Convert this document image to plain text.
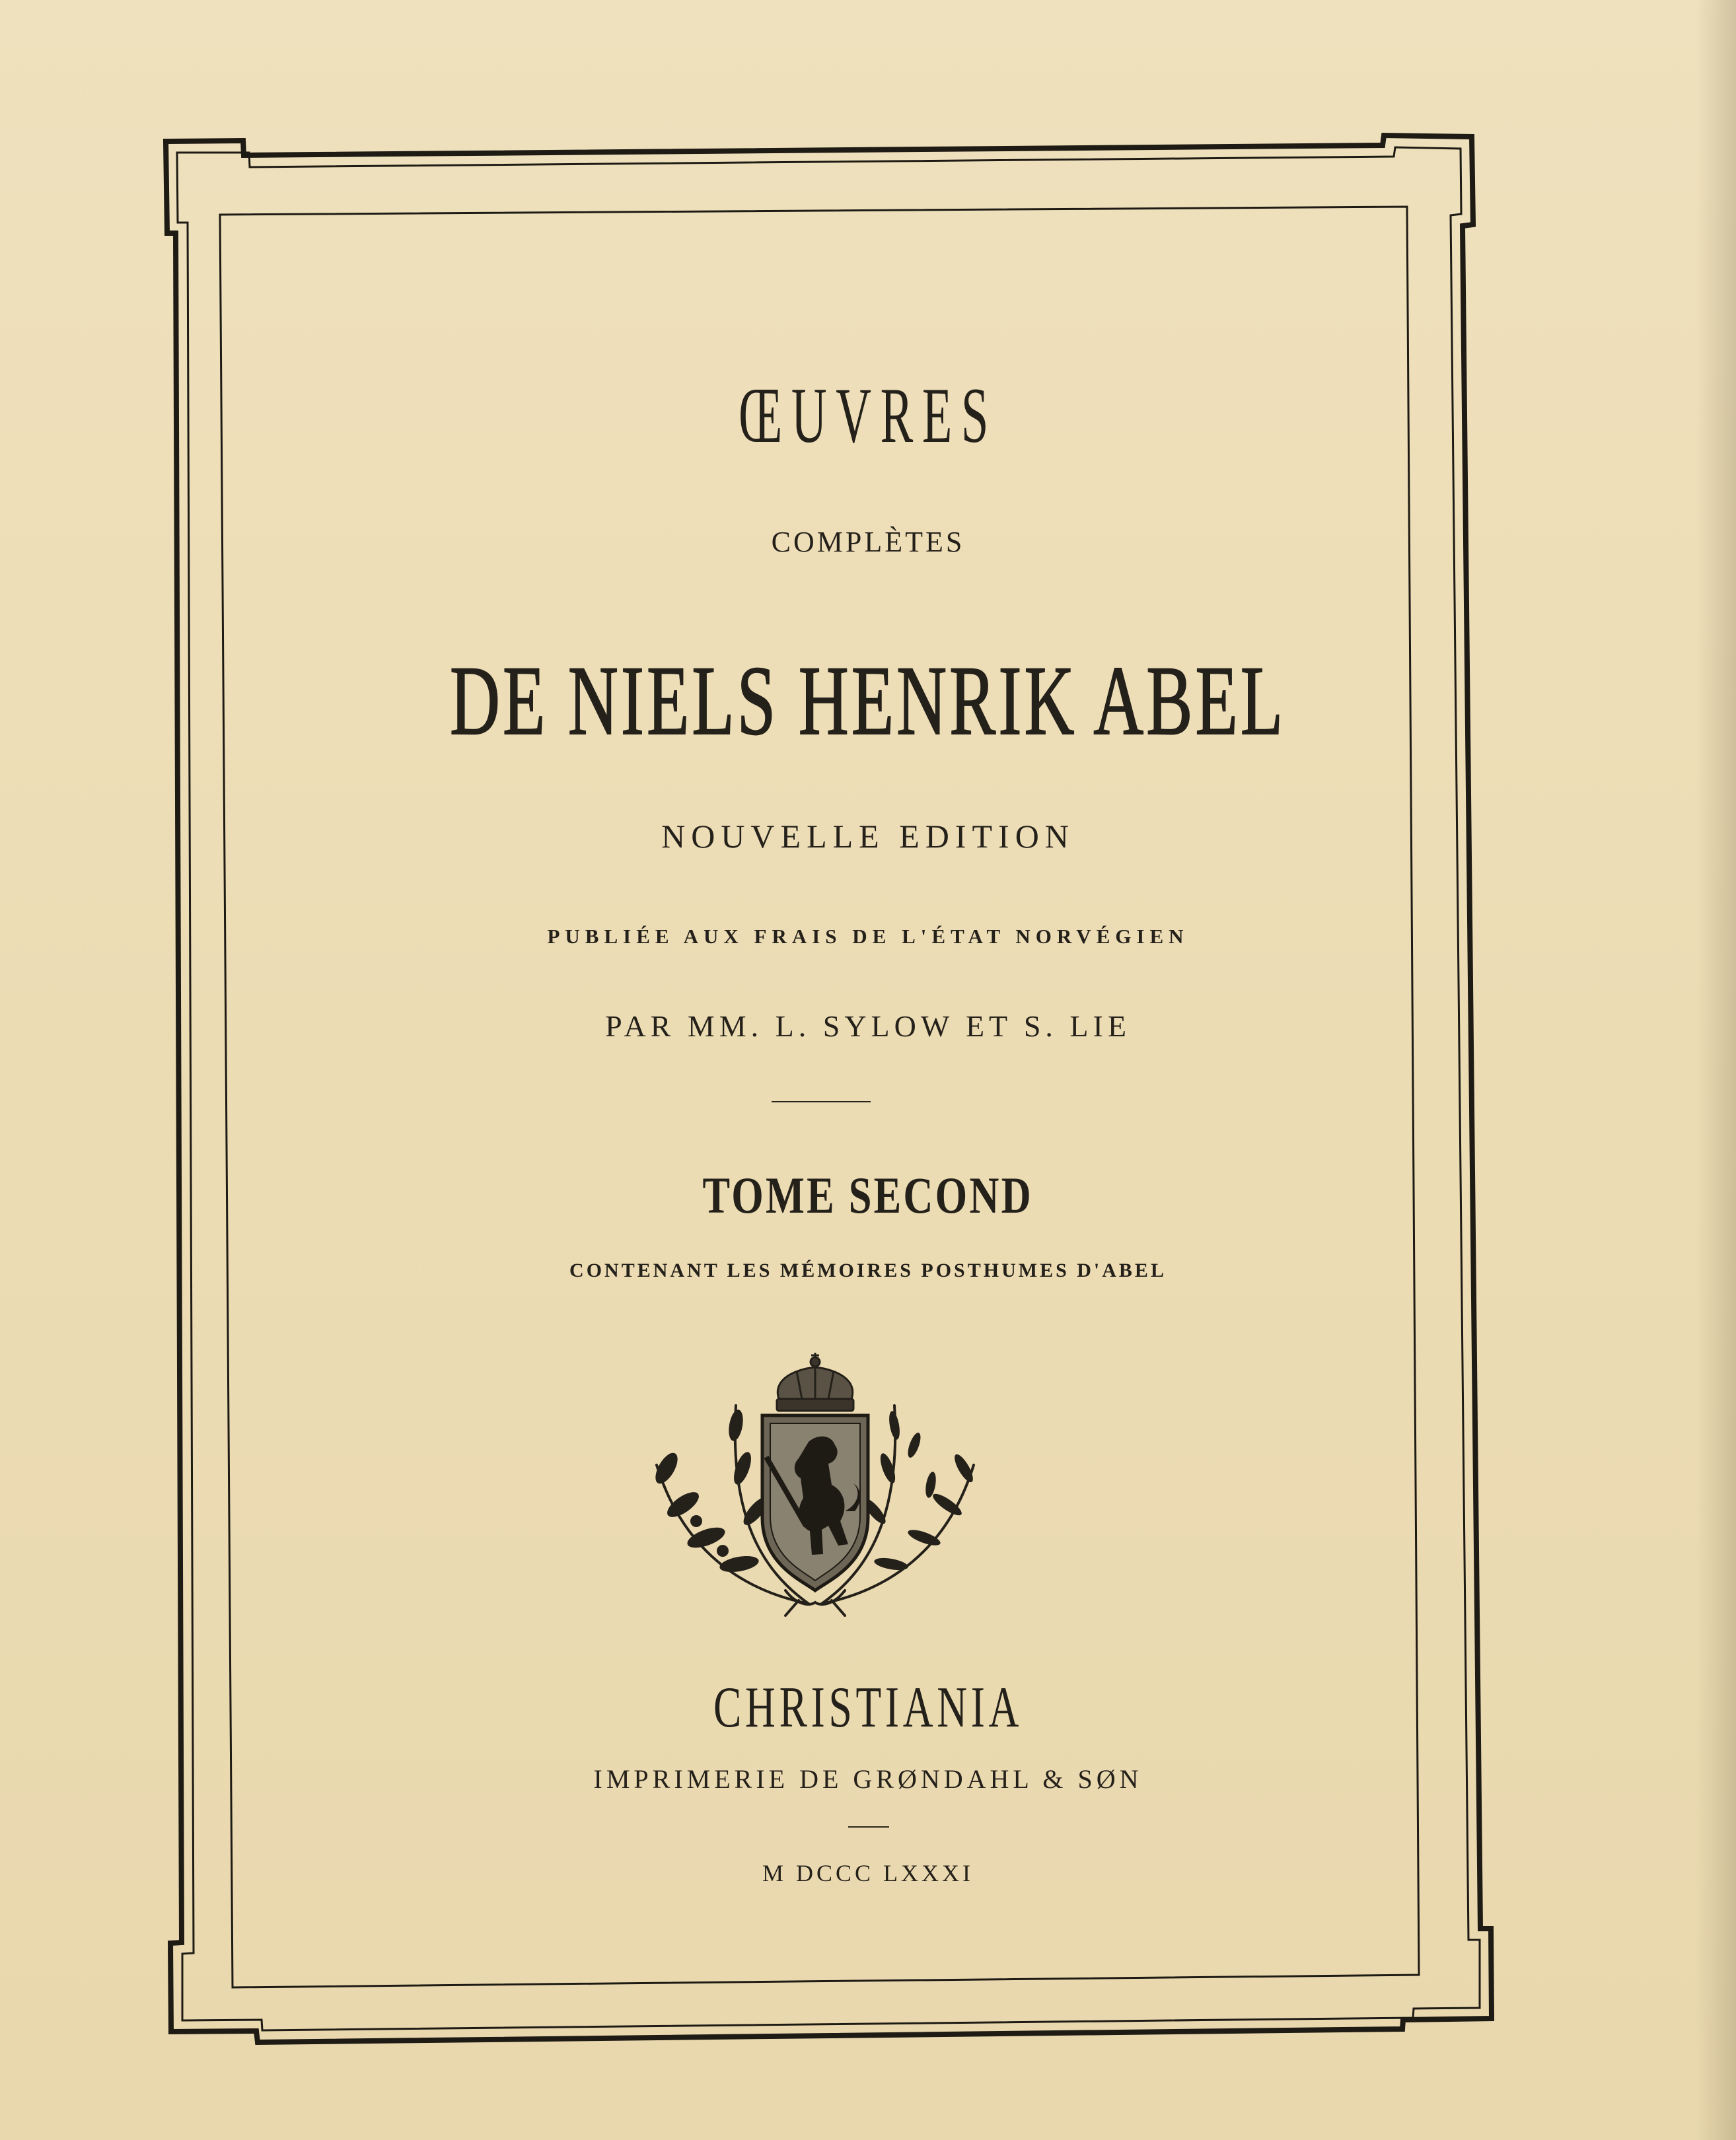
ŒUVRES

COMPLÈTES

DE NIELS HENRIK ABEL

NOUVELLE EDITION

PUBLIÉE AUX FRAIS DE L'ÉTAT NORVÉGIEN

PAR MM. L. SYLOW ET S. LIE

TOME SECOND

CONTENANT LES MÉMOIRES POSTHUMES D'ABEL

CHRISTIANIA

IMPRIMERIE DE GRØNDAHL & SØN

M DCCC LXXXI
